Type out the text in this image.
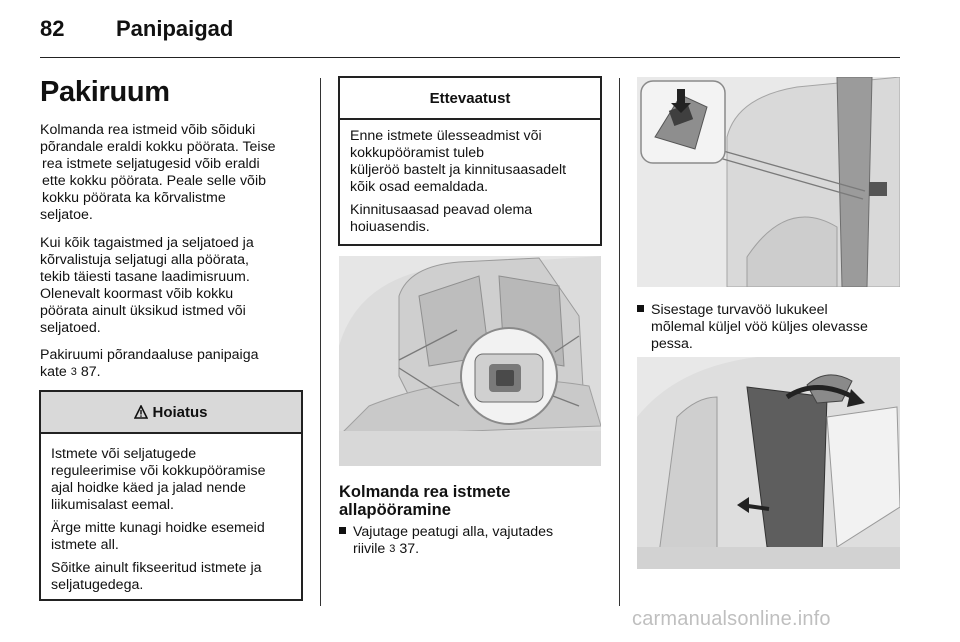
82 Panipaigad
Pakiruum

Kolmanda rea istmeid võib sõiduki

põrandale eraldi kokku pöörata. Teise

rea istmete seljatugesid võib eraldi

ette kokku pöörata. Peale selle võib

kokku pöörata ka kõrvalistme

seljatoe.

Kui kõik tagaistmed ja seljatoed ja

kõrvalistuja seljatugi alla pöörata,

tekib täiesti tasane laadimisruum.

Olenevalt koormast võib kokku

pöörata ainult üksikud istmed või

seljatoed.

Pakiruumi põrandaaluse panipaiga

kate 3 87.

Hoiatus

Istmete või seljatugede
reguleerimise või kokkupööramise
ajal hoidke käed ja jalad nende
liikumisalast eemal.

Ärge mitte kunagi hoidke esemeid
istmete all.

Sõitke ainult fikseeritud istmete ja
seljatugedega.

Ettevaatust

Enne istmete ülesseadmist või
kokkupööramist tuleb
küljeröö bastelt ja kinnitusaasadelt
kõik osad eemaldada.

Kinnitusaasad peavad olema
hoiuasendis.

Kolmanda rea istmete
allapööramine
Vajutage peatugi alla, vajutades
riivile 3 37.
Sisestage turvavöö lukukeel
mõlemal küljel vöö küljes olevasse
pessa.
carmanualsonline.info
